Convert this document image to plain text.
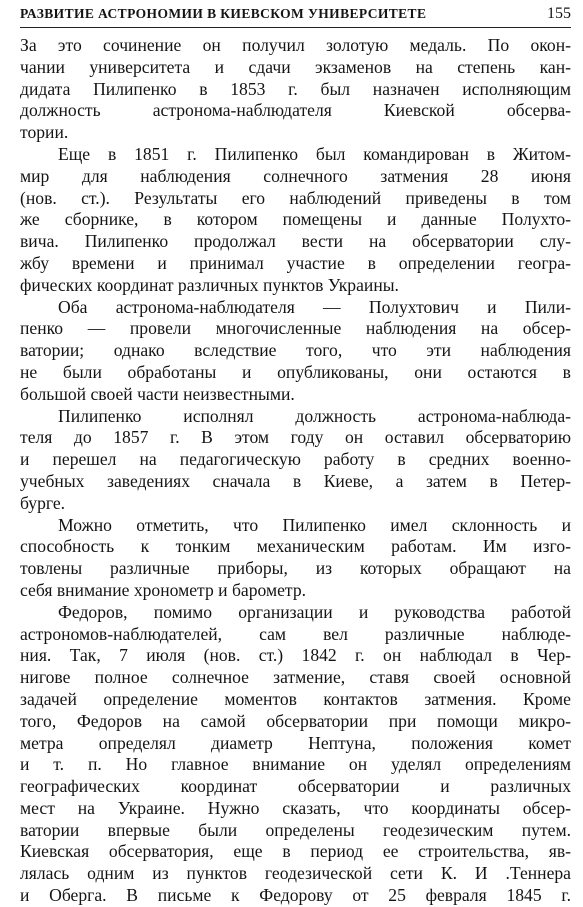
РАЗВИТИЕ АСТРОНОМИИ В КИЕВСКОМ УНИВЕРСИТЕТЕ	155
За это сочинение он получил золотую медаль. По окон-
чании университета и сдачи экзаменов на степень кан-
дидата Пилипенко в 1853 г. был назначен исполняющим
должность астронома-наблюдателя Киевской обсерва-
тории.
Еще в 1851 г. Пилипенко был командирован в Житом-
мир для наблюдения солнечного затмения 28 июня
(нов. ст.). Результаты его наблюдений приведены в том
же сборнике, в котором помещены и данные Полухто-
вича. Пилипенко продолжал вести на обсерватории слу-
жбу времени и принимал участие в определении геогра-
фических координат различных пунктов Украины.
Оба астронома-наблюдателя — Полухтович и Пили-
пенко — провели многочисленные наблюдения на обсер-
ватории; однако вследствие того, что эти наблюдения
не были обработаны и опубликованы, они остаются в
большой своей части неизвестными.
Пилипенко исполнял должность астронома-наблюда-
теля до 1857 г. В этом году он оставил обсерваторию
и перешел на педагогическую работу в средних военно-
учебных заведениях сначала в Киеве, а затем в Петер-
бурге.
Можно отметить, что Пилипенко имел склонность и
способность к тонким механическим работам. Им изго-
товлены различные приборы, из которых обращают на
себя внимание хронометр и барометр.
Федоров, помимо организации и руководства работой
астрономов-наблюдателей, сам вел различные наблюде-
ния. Так, 7 июля (нов. ст.) 1842 г. он наблюдал в Чер-
нигове полное солнечное затмение, ставя своей основной
задачей определение моментов контактов затмения. Кроме
того, Федоров на самой обсерватории при помощи микро-
метра определял диаметр Нептуна, положения комет
и т. п. Но главное внимание он уделял определениям
географических координат обсерватории и различных
мест на Украине. Нужно сказать, что координаты обсер-
ватории впервые были определены геодезическим путем.
Киевская обсерватория, еще в период ее строительства, яв-
лялась одним из пунктов геодезической сети К. И .Теннера
и Оберга. В письме к Федорову от 25 февраля 1845 г.
